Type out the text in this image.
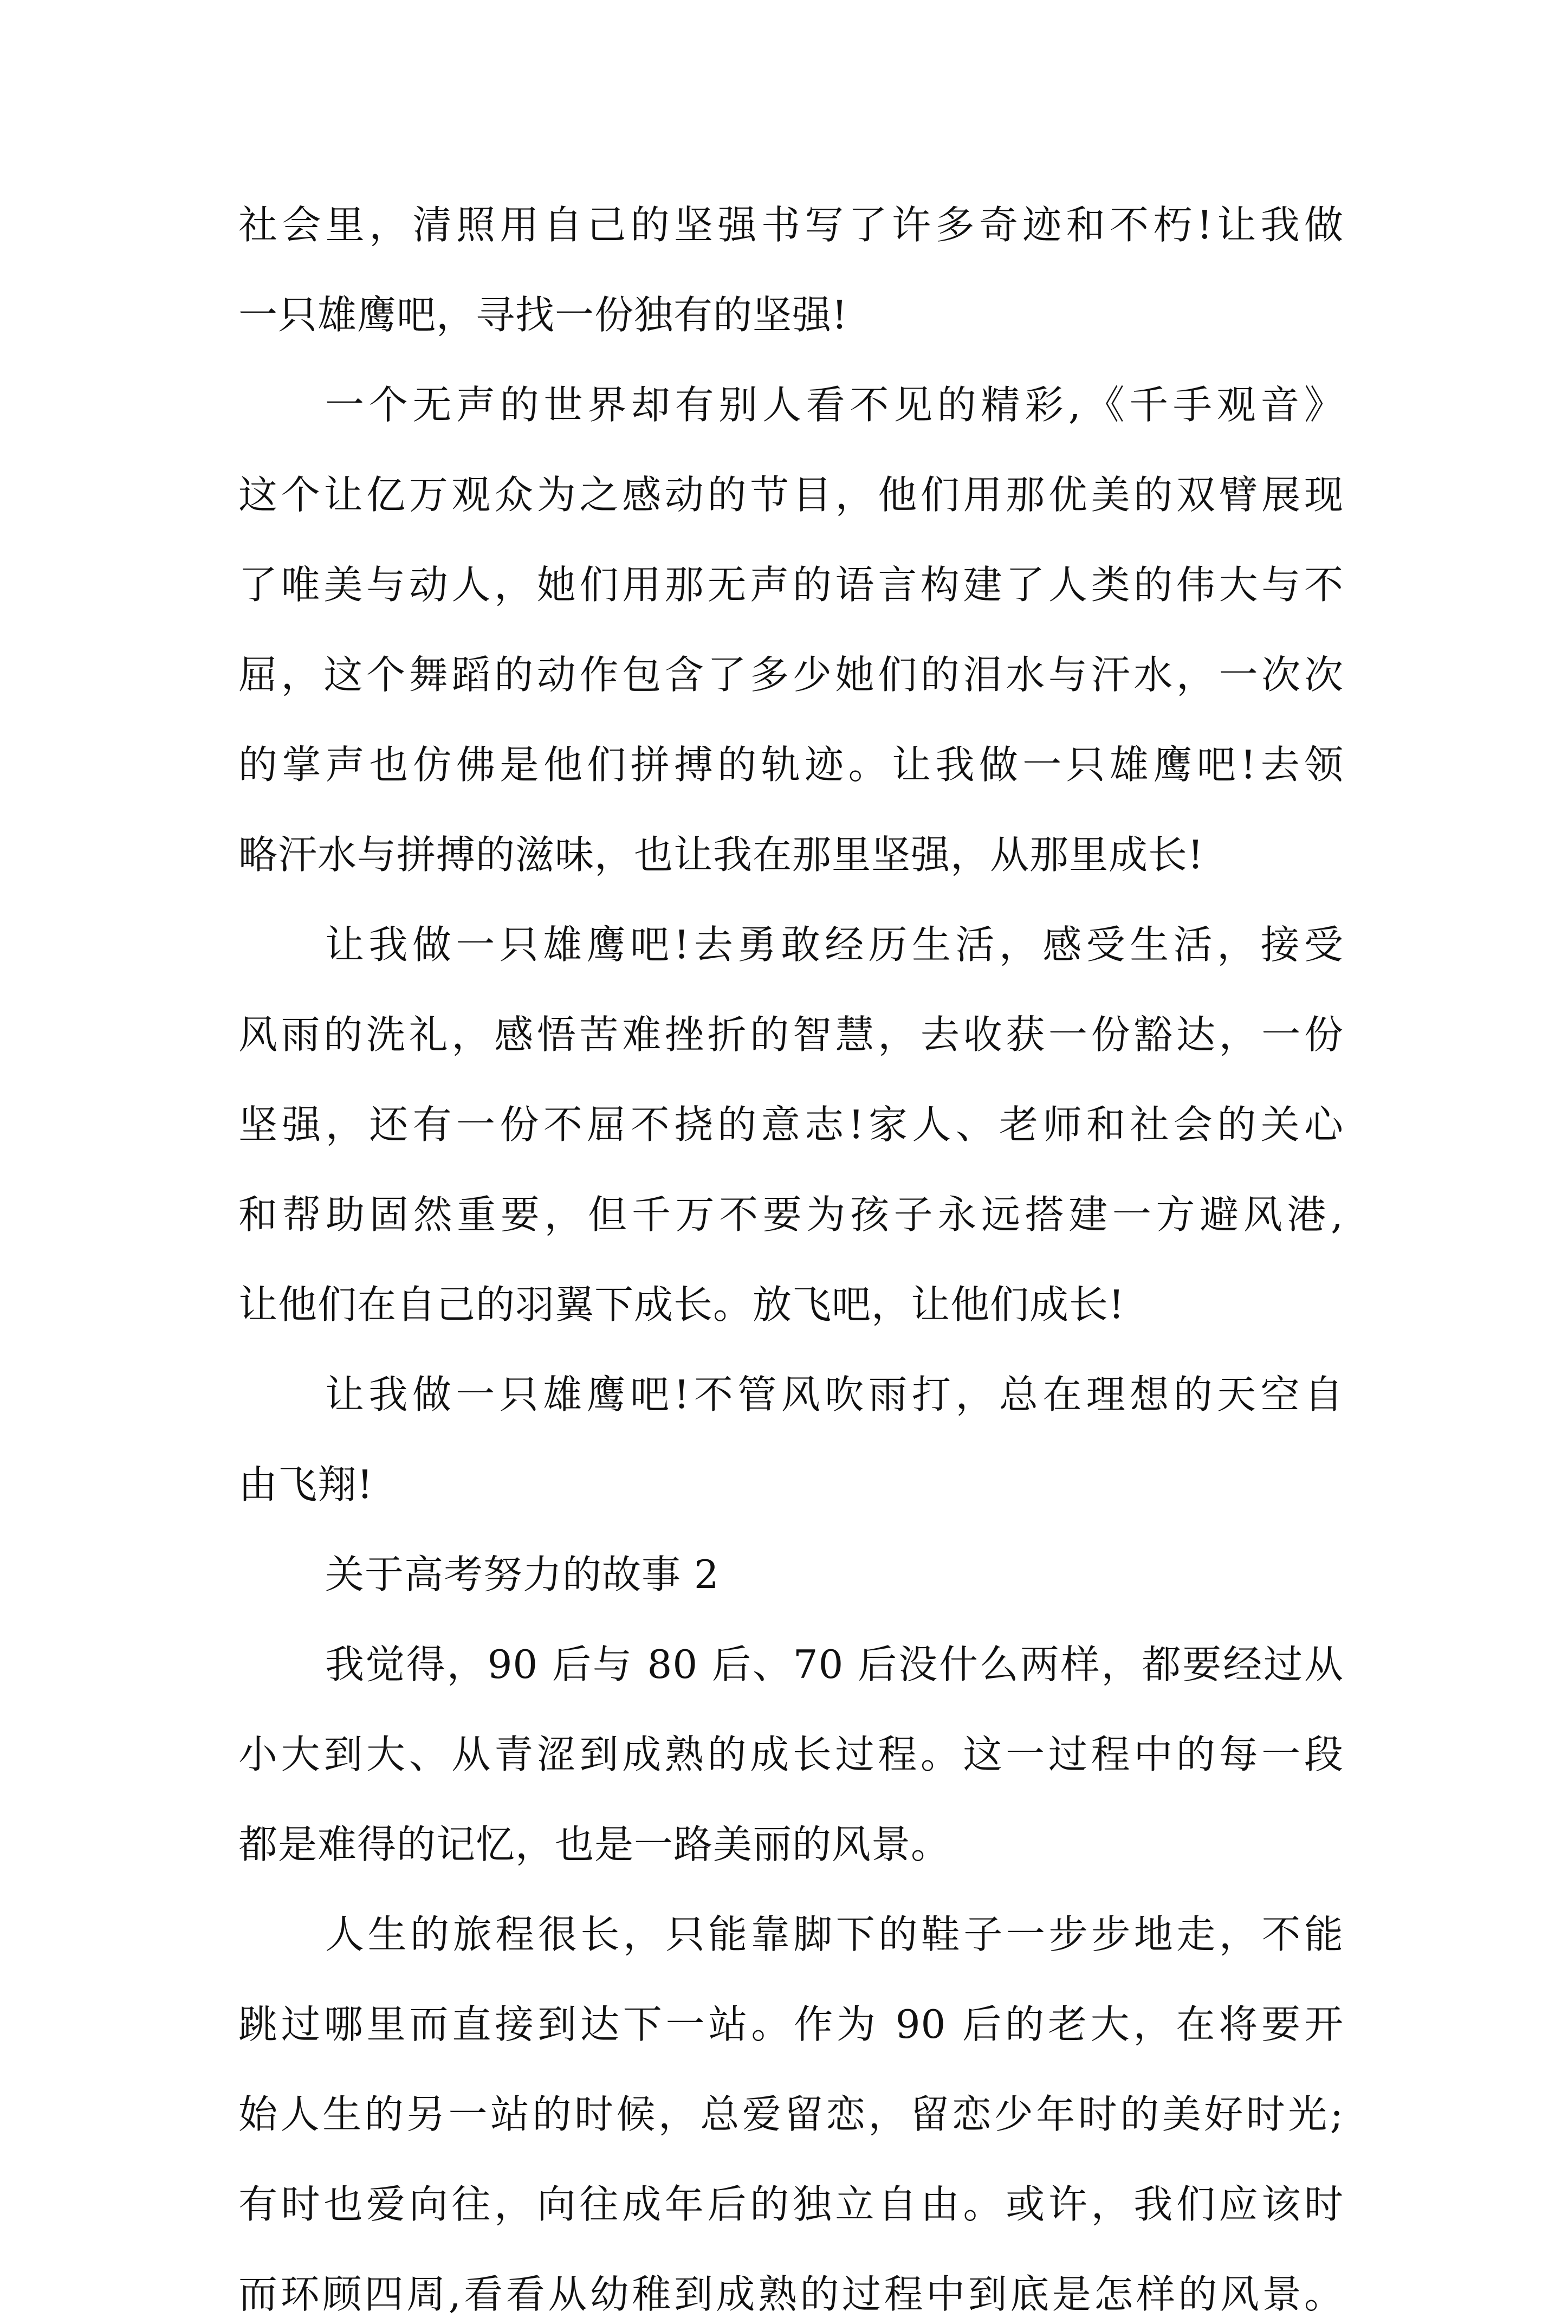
社会里，清照用自己的坚强书写了许多奇迹和不朽!让我做
一只雄鹰吧，寻找一份独有的坚强!
一个无声的世界却有别人看不见的精彩,《千手观音》
这个让亿万观众为之感动的节目，他们用那优美的双臂展现
了唯美与动人，她们用那无声的语言构建了人类的伟大与不
屈，这个舞蹈的动作包含了多少她们的泪水与汗水，一次次
的掌声也仿佛是他们拼搏的轨迹。让我做一只雄鹰吧!去领
略汗水与拼搏的滋味，也让我在那里坚强，从那里成长!
让我做一只雄鹰吧!去勇敢经历生活，感受生活，接受
风雨的洗礼，感悟苦难挫折的智慧，去收获一份豁达，一份
坚强，还有一份不屈不挠的意志!家人、老师和社会的关心
和帮助固然重要，但千万不要为孩子永远搭建一方避风港,
让他们在自己的羽翼下成长。放飞吧，让他们成长!
让我做一只雄鹰吧!不管风吹雨打，总在理想的天空自
由飞翔!
关于高考努力的故事 2
我觉得，90 后与 80 后、70 后没什么两样，都要经过从
小大到大、从青涩到成熟的成长过程。这一过程中的每一段
都是难得的记忆，也是一路美丽的风景。
人生的旅程很长，只能靠脚下的鞋子一步步地走，不能
跳过哪里而直接到达下一站。作为 90 后的老大，在将要开
始人生的另一站的时候，总爱留恋，留恋少年时的美好时光;
有时也爱向往，向往成年后的独立自由。或许，我们应该时
而环顾四周,看看从幼稚到成熟的过程中到底是怎样的风景。
